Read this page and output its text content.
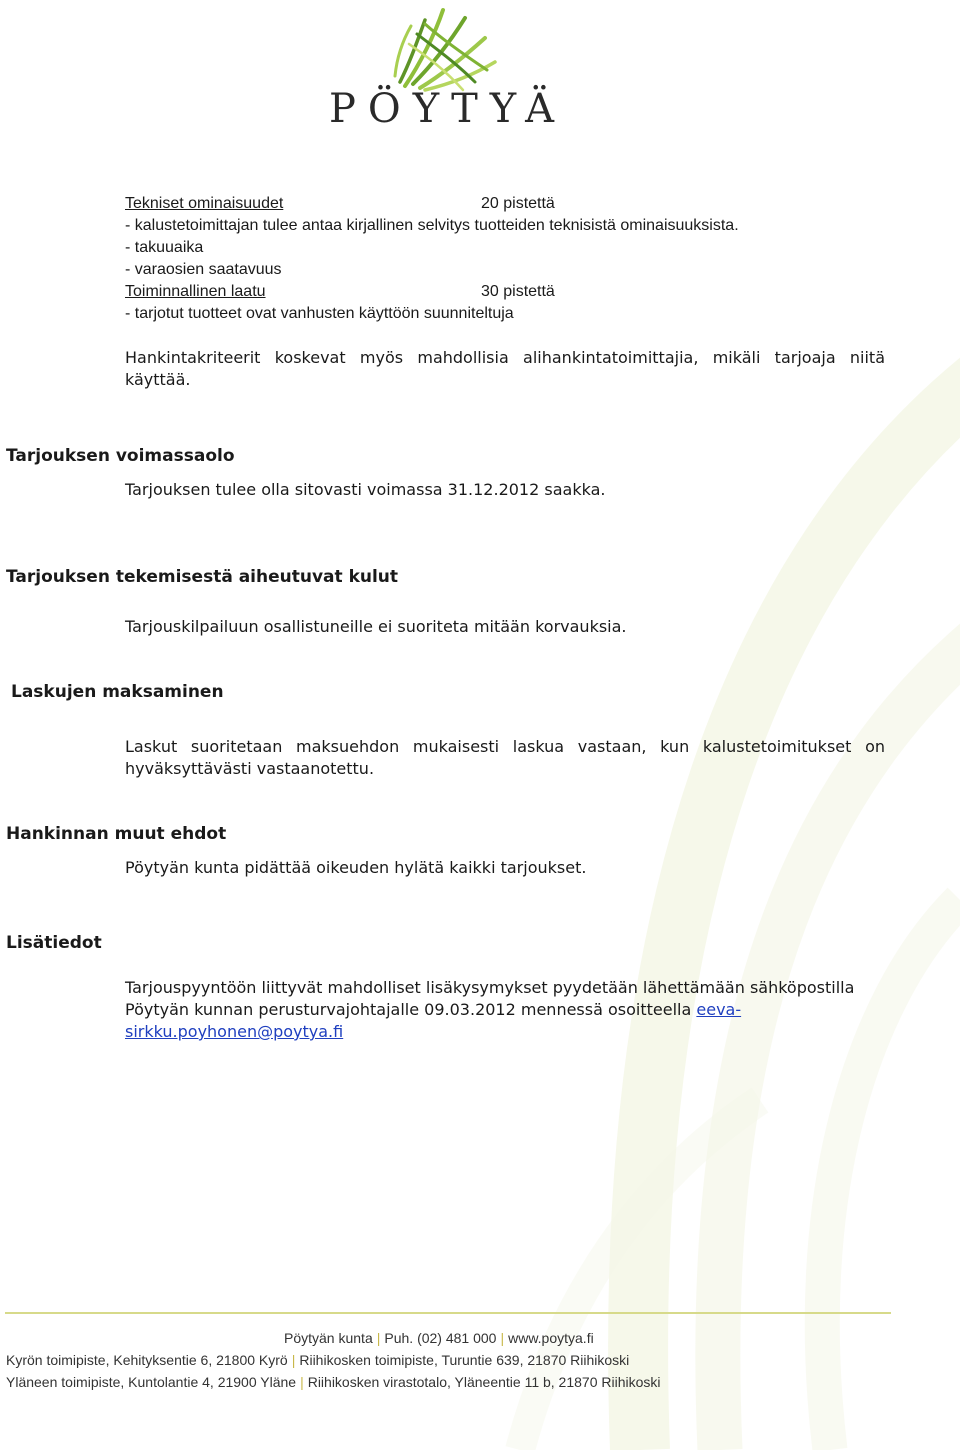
PÖYTYÄ
Tekniset ominaisuudet	20 pistettä
- kalustetoimittajan tulee antaa kirjallinen selvitys tuotteiden teknisistä ominaisuuksista.
- takuuaika
- varaosien saatavuus
Toiminnallinen laatu	30 pistettä
- tarjotut tuotteet ovat vanhusten käyttöön suunniteltuja
Hankintakriteerit koskevat myös mahdollisia alihankintatoimittajia, mikäli tarjoaja niitä
käyttää.
Tarjouksen voimassaolo
Tarjouksen tulee olla sitovasti voimassa 31.12.2012 saakka.
Tarjouksen tekemisestä aiheutuvat kulut
Tarjouskilpailuun osallistuneille ei suoriteta mitään korvauksia.
Laskujen maksaminen
Laskut suoritetaan maksuehdon mukaisesti laskua vastaan, kun kalustetoimitukset on
hyväksyttävästi vastaanotettu.
Hankinnan muut ehdot
Pöytyän kunta pidättää oikeuden hylätä kaikki tarjoukset.
Lisätiedot
Tarjouspyyntöön liittyvät mahdolliset lisäkysymykset pyydetään lähettämään sähköpostilla
Pöytyän kunnan perusturvajohtajalle 09.03.2012 mennessä osoitteella eeva-
sirkku.poyhonen@poytya.fi
Pöytyän kunta | Puh. (02) 481 000 | www.poytya.fi
Kyrön toimipiste, Kehityksentie 6, 21800 Kyrö | Riihikosken toimipiste, Turuntie 639, 21870 Riihikoski
Yläneen toimipiste, Kuntolantie 4, 21900 Yläne | Riihikosken virastotalo, Yläneentie 11 b, 21870 Riihikoski
